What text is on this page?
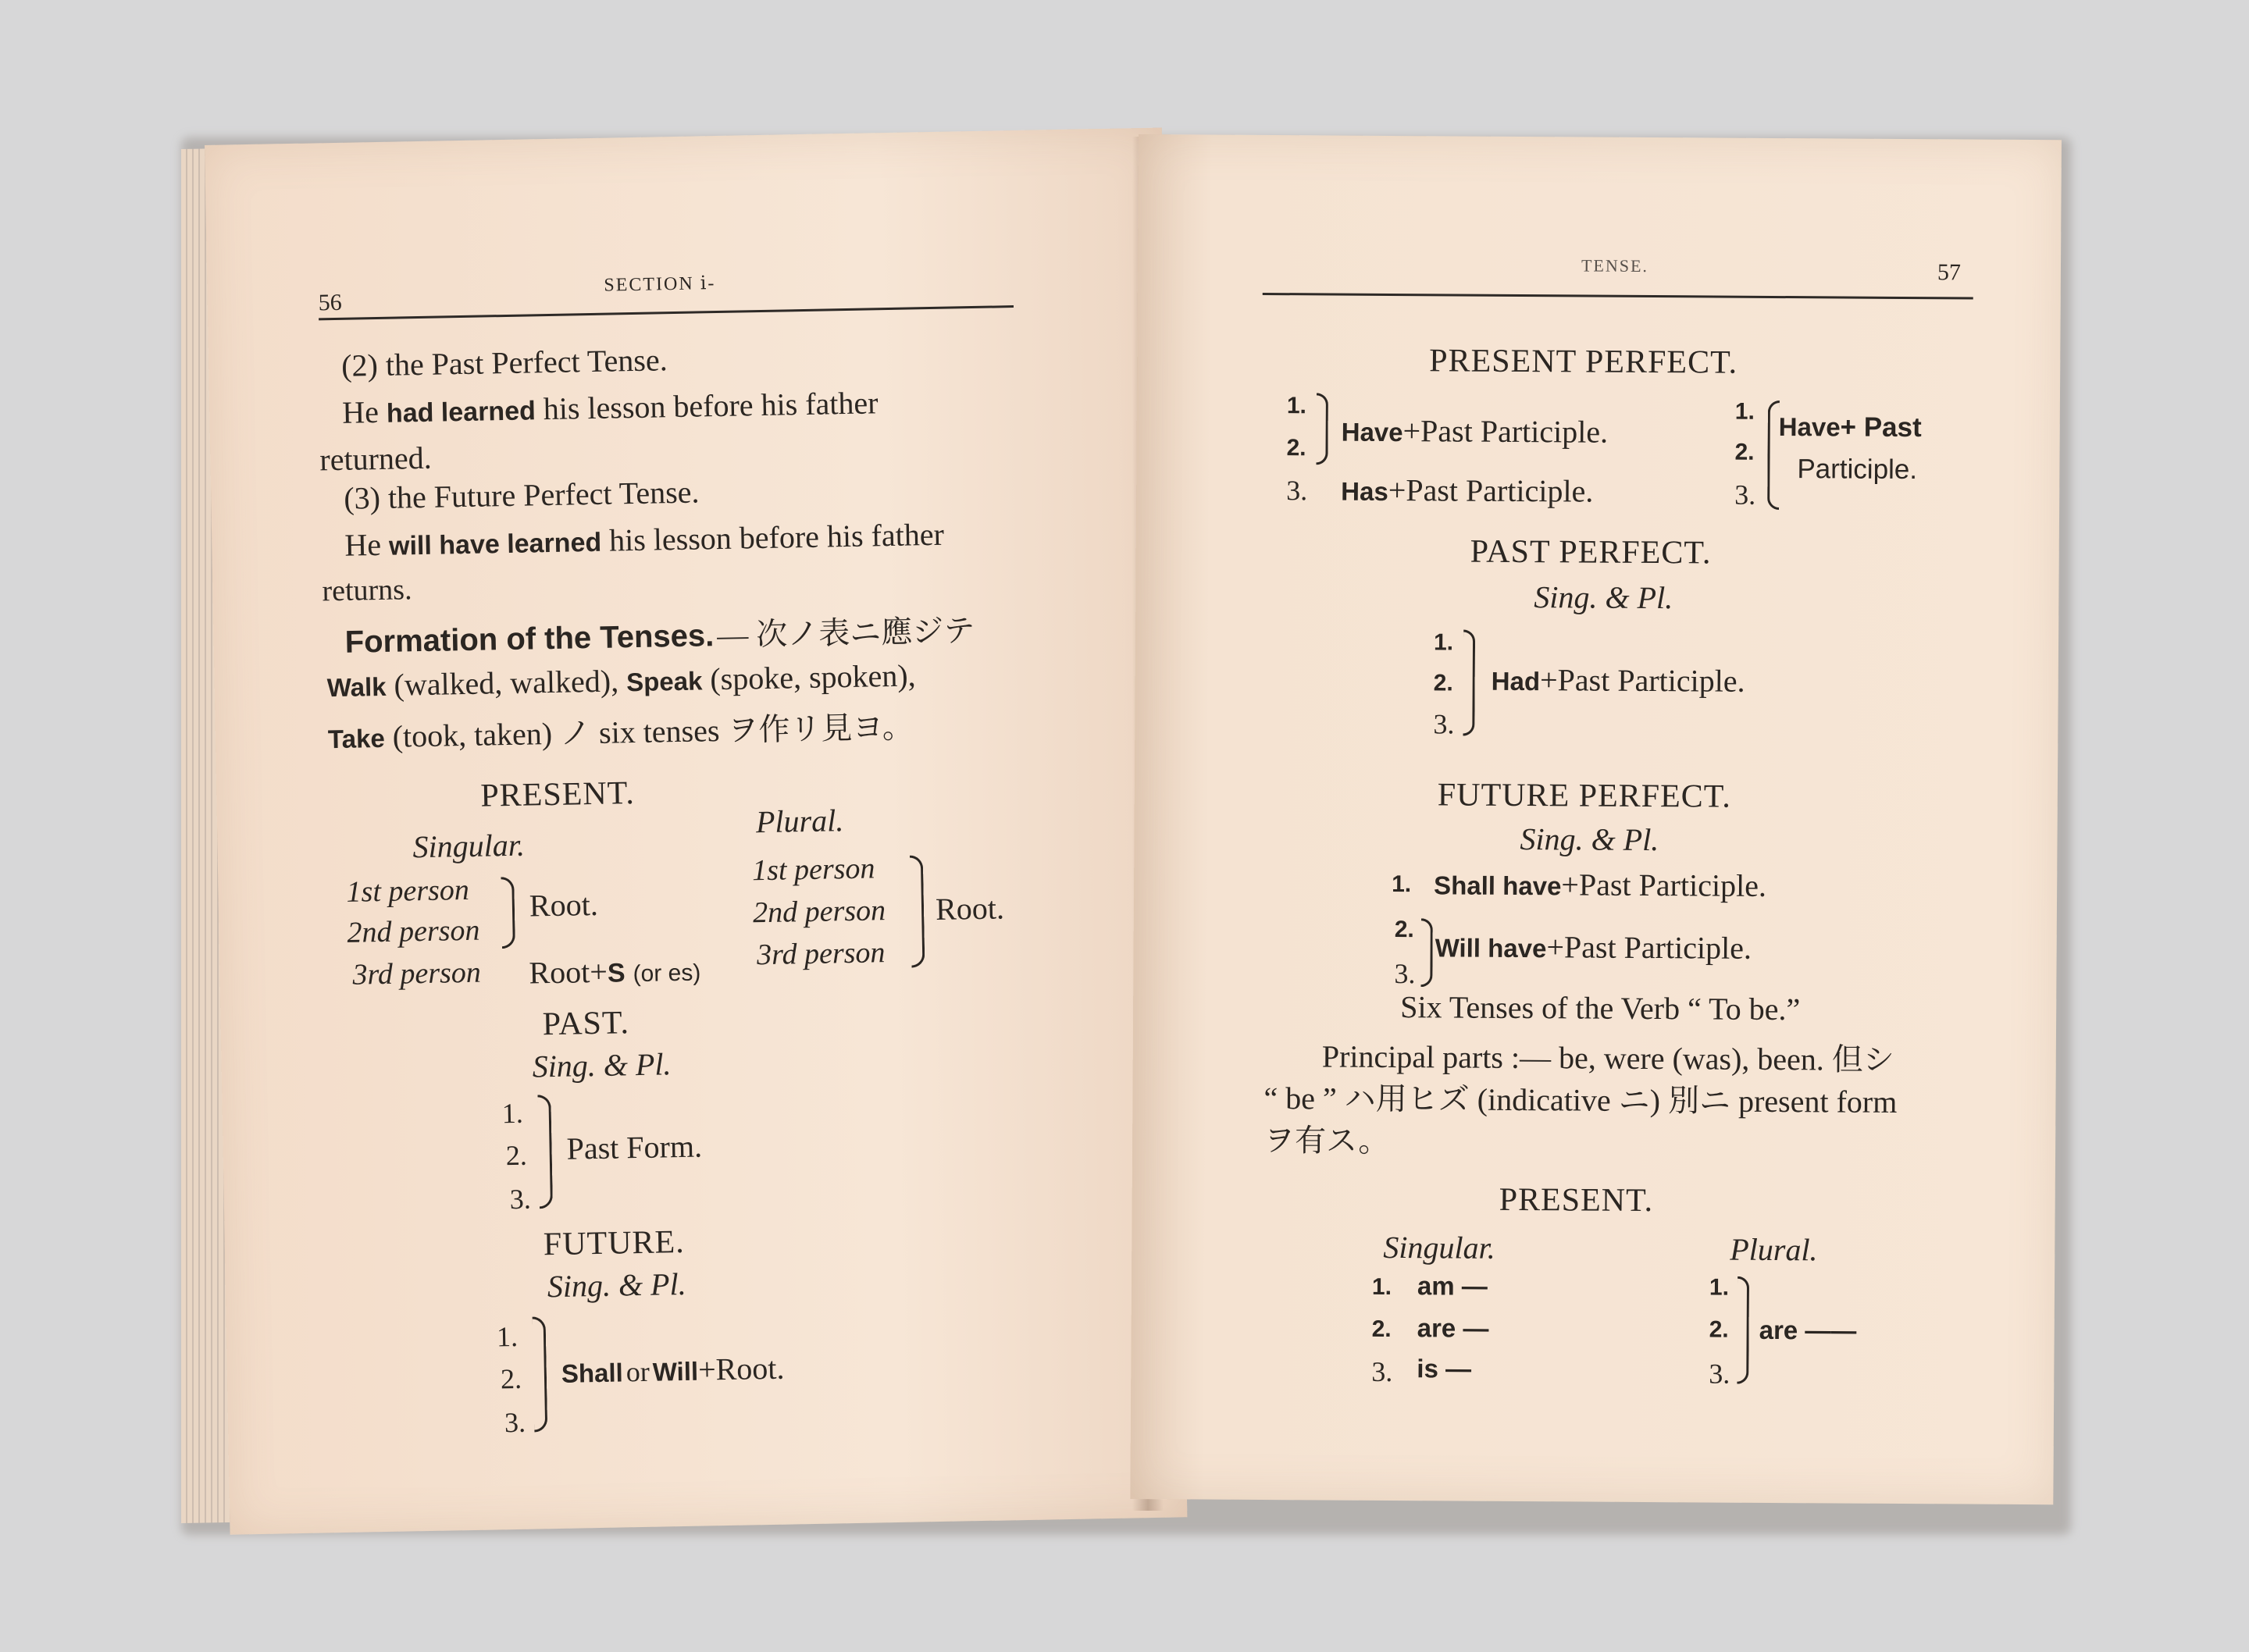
56
SECTION ⅰ-
(2) the Past Perfect Tense.
He had learned his lesson before his father
returned.
(3) the Future Perfect Tense.
He will have learned his lesson before his father
returns.
Formation of the Tenses. — 次ノ表ニ應ジテ
Walk (walked, walked), Speak (spoke, spoken),
Take (took, taken) ノ six tenses ヲ作リ見ヨ。
PRESENT.
Singular.
Plural.
1st person
2nd person
Root.
3rd person Root+S (or es)
1st person
2nd person
3rd person
Root.
PAST.
Sing. & Pl.
1.
2.
3.
Past Form.
FUTURE.
Sing. & Pl.
1.
2.
3.
Shall or Will+Root.
TENSE.	57
PRESENT PERFECT.
1.
2.
Have+Past Participle.
3. Has+Past Participle.
1.
2.
3.
Have+ Past
Participle.
PAST PERFECT.
Sing. & Pl.
1.
2.
3.
Had+Past Participle.
FUTURE PERFECT.
Sing. & Pl.
1. Shall have+Past Participle.
2.
3.
Will have+Past Participle.
Six Tenses of the Verb “ To be.”
Principal parts :— be, were (was), been. 但シ
“ be ” ハ用ヒズ (indicative ニ) 別ニ present form
ヲ有ス。
PRESENT.
Singular.	Plural.
1. am —
2. are —
3. is —
1.
2.
3.
are ——
